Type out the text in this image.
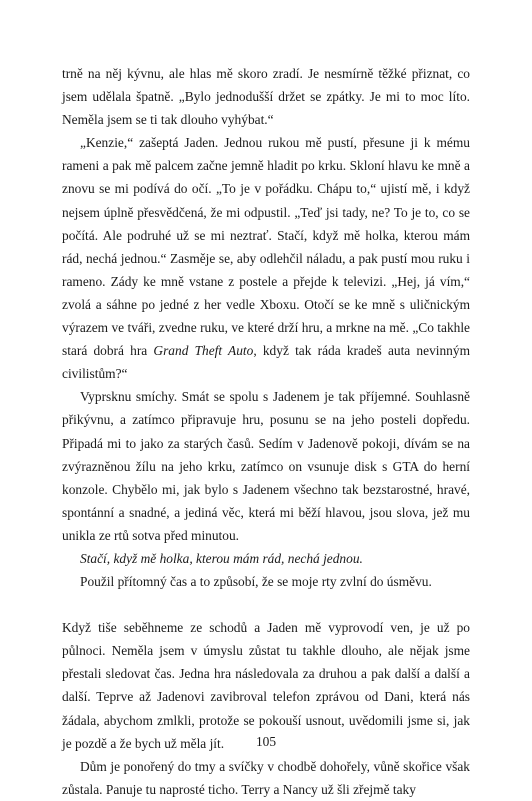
trně na něj kývnu, ale hlas mě skoro zradí. Je nesmírně těžké přiznat, co jsem udělala špatně. „Bylo jednodušší držet se zpátky. Je mi to moc líto. Neměla jsem se ti tak dlouho vyhýbat.“

„Kenzie,“ zašeptá Jaden. Jednou rukou mě pustí, přesune ji k mému rameni a pak mě palcem začne jemně hladit po krku. Skloní hlavu ke mně a znovu se mi podívá do očí. „To je v pořádku. Chápu to,“ ujistí mě, i když nejsem úplně přesvědčená, že mi odpustil. „Teď jsi tady, ne? To je to, co se počítá. Ale podruhé už se mi neztrať. Stačí, když mě holka, kterou mám rád, nechá jednou.“ Zasměje se, aby odlehčil náladu, a pak pustí mou ruku i rameno. Zády ke mně vstane z postele a přejde k televizi. „Hej, já vím,“ zvolá a sáhne po jedné z her vedle Xboxu. Otočí se ke mně s uličnickým výrazem ve tváři, zvedne ruku, ve které drží hru, a mrkne na mě. „Co takhle stará dobrá hra Grand Theft Auto, když tak ráda kradeš auta nevinným civilistům?“

Vyprsknu smíchy. Smát se spolu s Jadenem je tak příjemné. Souhlasně přikývnu, a zatímco připravuje hru, posunu se na jeho posteli dopředu. Připadá mi to jako za starých časů. Sedím v Jadenově pokoji, dívám se na zvýrazněnou žílu na jeho krku, zatímco on vsunuje disk s GTA do herní konzole. Chybělo mi, jak bylo s Jadenem všechno tak bezstarostné, hravé, spontánní a snadné, a jediná věc, která mi běží hlavou, jsou slova, jež mu unikla ze rtů sotva před minutou.

Stačí, když mě holka, kterou mám rád, nechá jednou.

Použil přítomný čas a to způsobí, že se moje rty zvlní do úsměvu.

Když tiše seběhneme ze schodů a Jaden mě vyprovodí ven, je už po půlnoci. Neměla jsem v úmyslu zůstat tu takhle dlouho, ale nějak jsme přestali sledovat čas. Jedna hra následovala za druhou a pak další a další a další. Teprve až Jadenovi zavibroval telefon zprávou od Dani, která nás žádala, abychom zmlkli, protože se pokouší usnout, uvědomili jsme si, jak je pozdě a že bych už měla jít.

Dům je ponořený do tmy a svíčky v chodbě dohořely, vůně skořice však zůstala. Panuje tu naprosté ticho. Terry a Nancy už šli zřejmě taky

105
